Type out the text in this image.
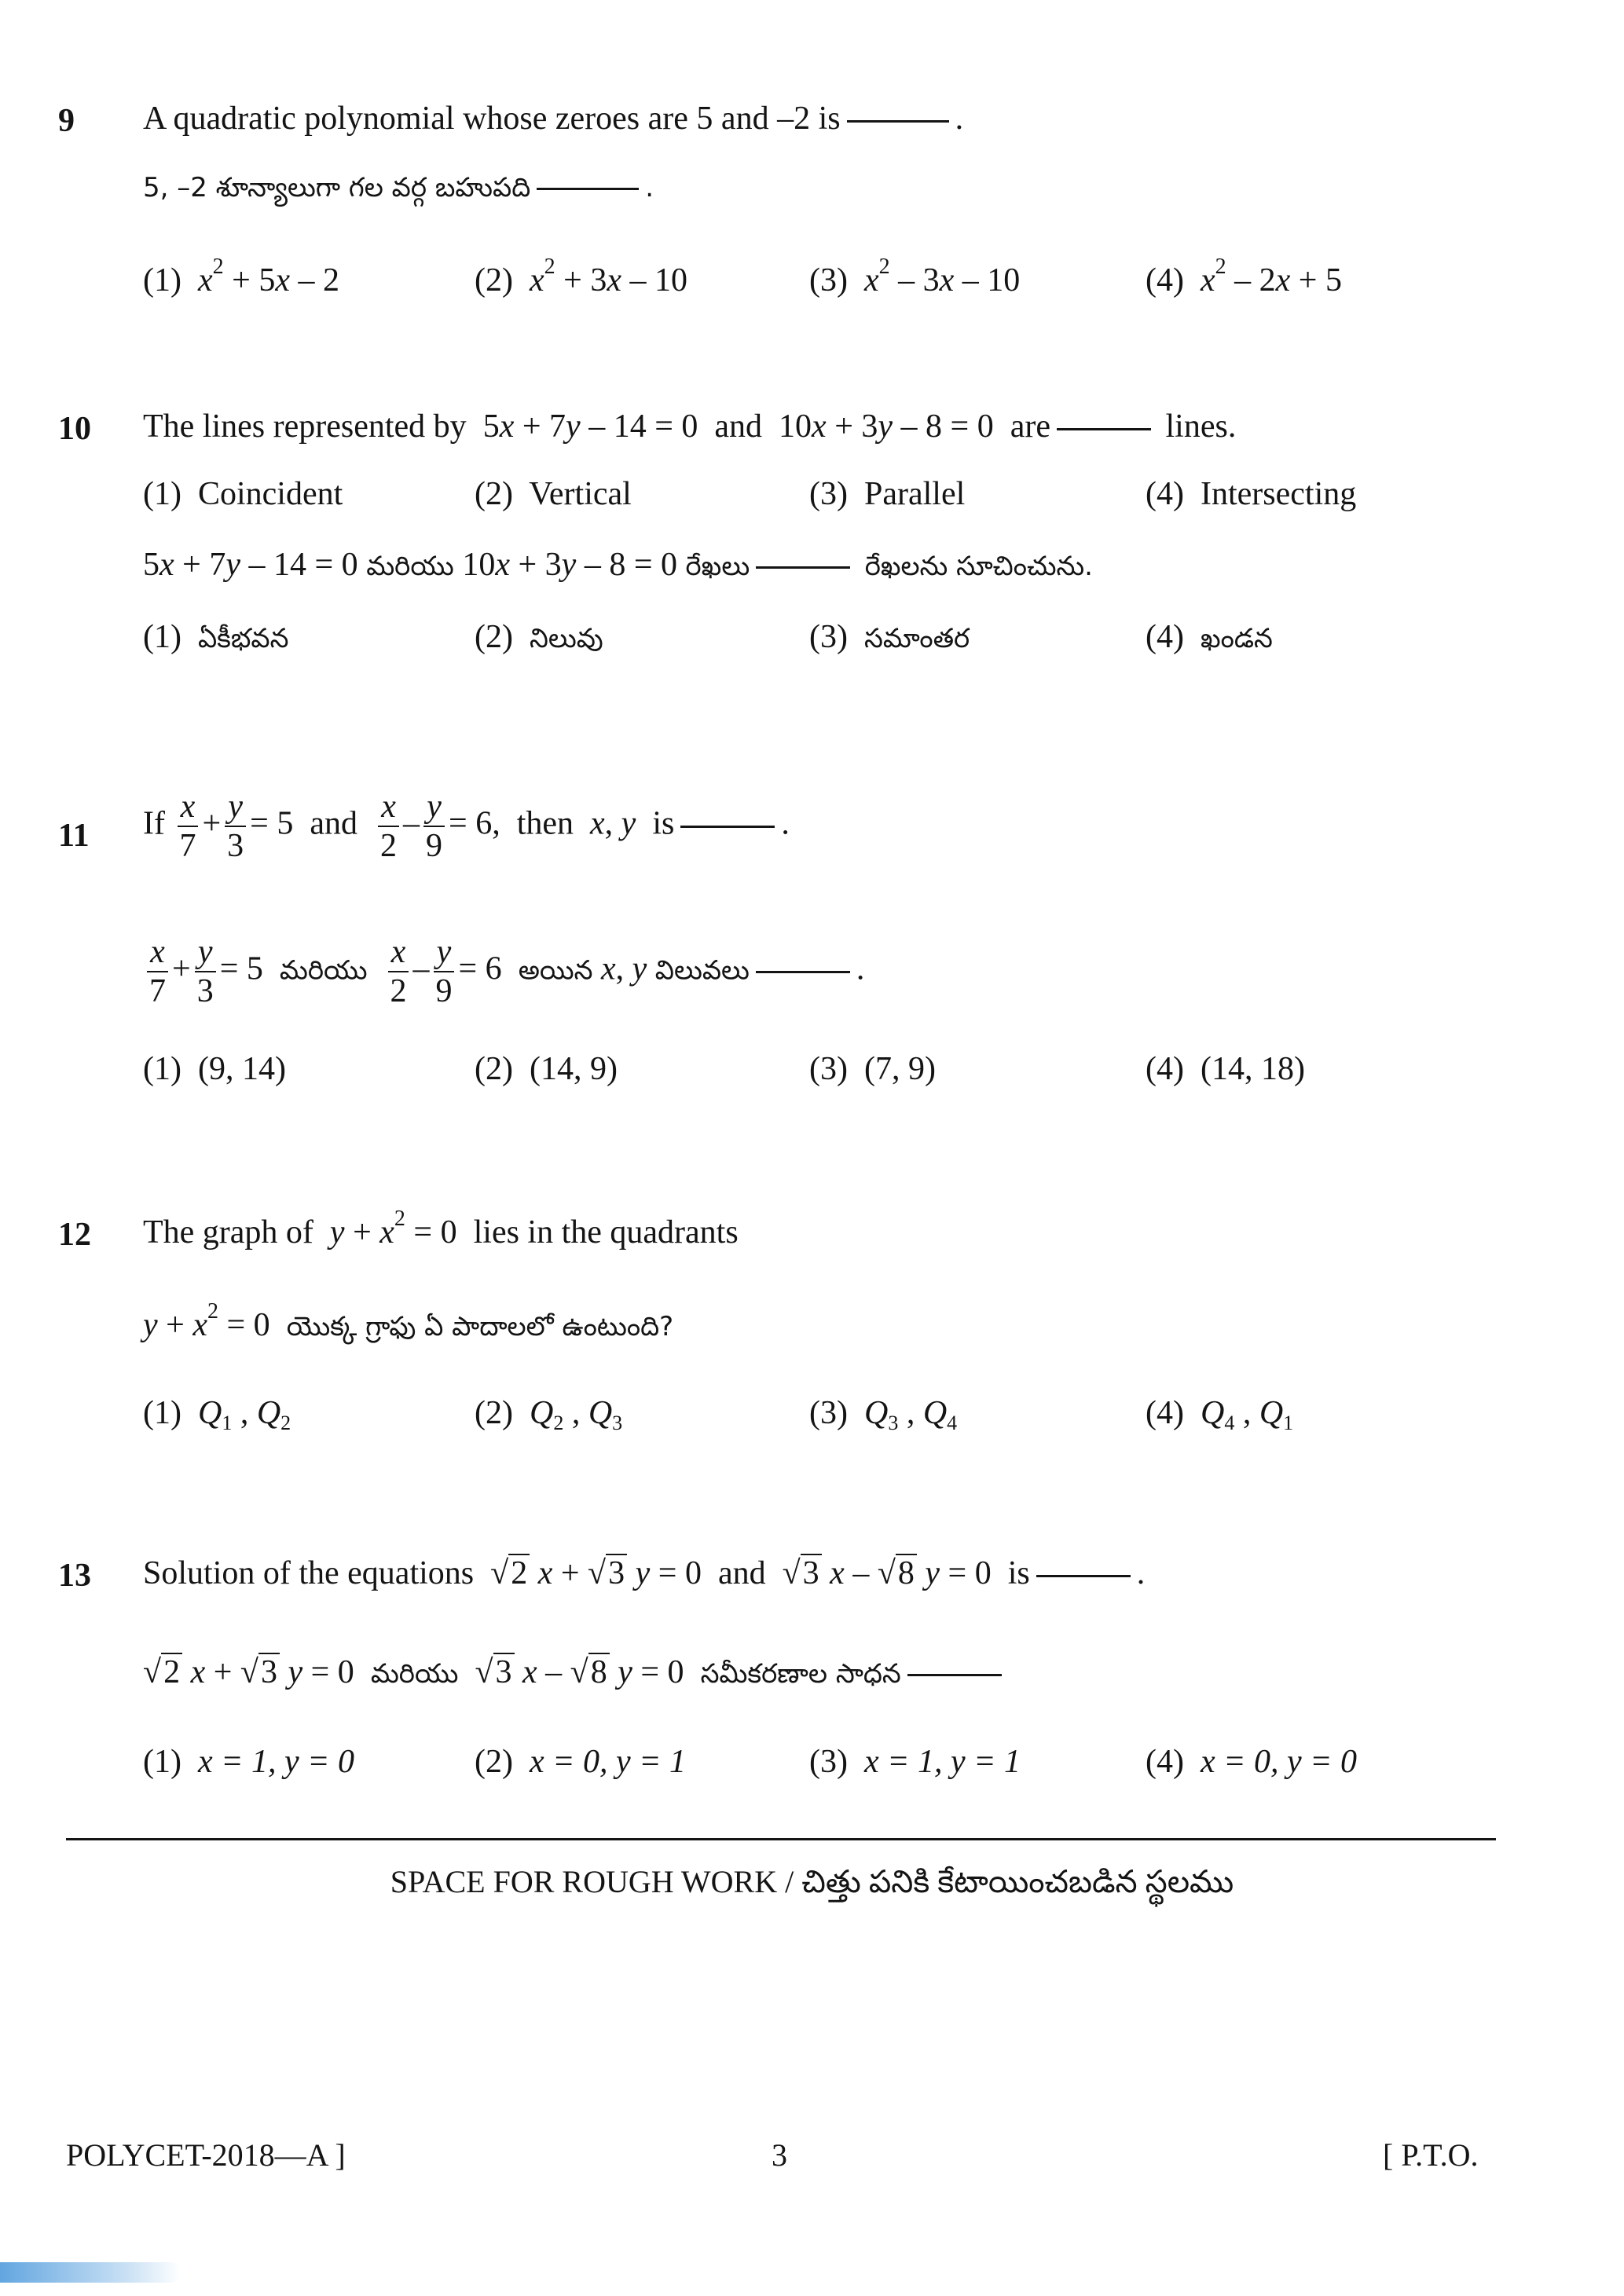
9 A quadratic polynomial whose zeroes are 5 and –2 is	.
5, –2 శూన్యాలుగా గల వర్గ బహుపది	.
(1) $x^2 + 5x - 2$	(2) $x^2 + 3x - 10$	(3) $x^2 - 3x - 10$	(4) $x^2 - 2x + 5$
10 The lines represented by  5x + 7y – 14 = 0  and  10x + 3y – 8 = 0  are	lines.
(1) Coincident	(2) Vertical	(3) Parallel	(4) Intersecting
5x + 7y – 14 = 0 మరియు 10x + 3y – 8 = 0 రేఖలు	రేఖలను సూచించును.
(1) ఏకీభవన	(2) నిలువు	(3) సమాంతర	(4) ఖండన
11 If $\frac{x}{7} + \frac{y}{3} = 5$  and $\frac{x}{2} - \frac{y}{9} = 6$,  then x, y is	.
$\frac{x}{7} + \frac{y}{3} = 5$  మరియు $\frac{x}{2} - \frac{y}{9} = 6$  అయిన x, y విలువలు	.
(1) (9, 14)	(2) (14, 9)	(3) (7, 9)	(4) (14, 18)
12 The graph of $y + x^2 = 0$  lies in the quadrants
$y + x^2 = 0$  యొక్క గ్రాఫు ఏ పాదాలలో ఉంటుంది?
(1) $Q_1$ , $Q_2$	(2) $Q_2$ , $Q_3$	(3) $Q_3$ , $Q_4$	(4) $Q_4$ , $Q_1$
13 Solution of the equations √2 x + √3 y = 0  and √3 x – √8 y = 0  is	.
√2 x + √3 y = 0  మరియు √3 x – √8 y = 0  సమీకరణాల సాధన
(1) x = 1, y = 0	(2) x = 0, y = 1	(3) x = 1, y = 1	(4) x = 0, y = 0
SPACE FOR ROUGH WORK / చిత్తు పనికి కేటాయించబడిన స్థలము
POLYCET-2018—A ]	3	[ P.T.O.
